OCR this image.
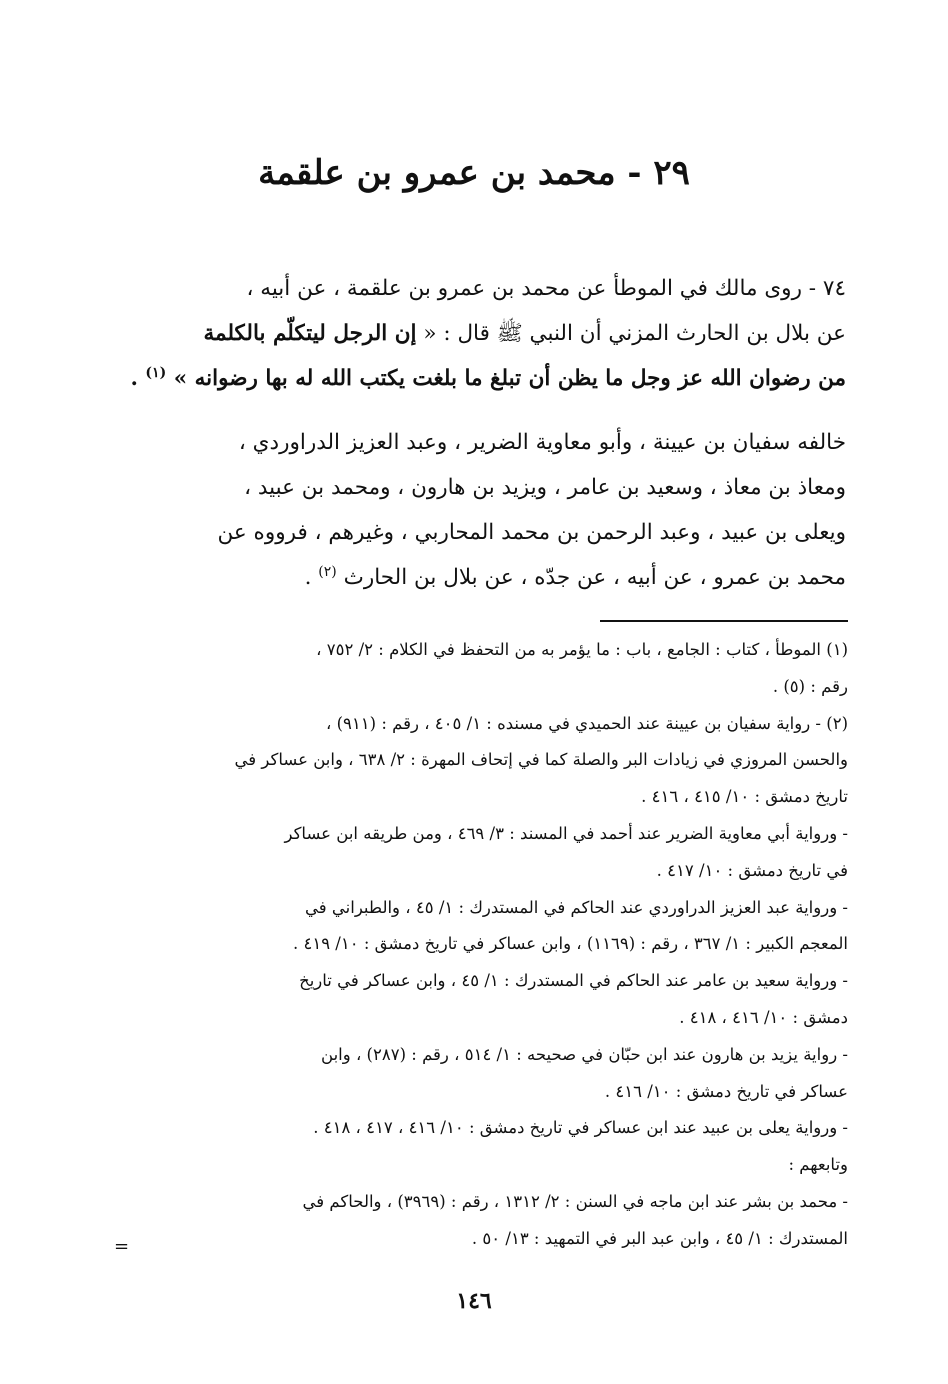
٢٩ - محمد بن عمرو بن علقمة
٧٤ - روى مالك في الموطأ عن محمد بن عمرو بن علقمة ، عن أبيه ،
عن بلال بن الحارث المزني أن النبي ﷺ قال : « إن الرجل ليتكلّم بالكلمة
من رضوان الله عز وجل ما يظن أن تبلغ ما بلغت يكتب الله له بها رضوانه » $^{(١)}$ .
خالفه سفيان بن عيينة ، وأبو معاوية الضرير ، وعبد العزيز الدراوردي ،
ومعاذ بن معاذ ، وسعيد بن عامر ، ويزيد بن هارون ، ومحمد بن عبيد ،
ويعلى بن عبيد ، وعبد الرحمن بن محمد المحاربي ، وغيرهم ، فرووه عن
محمد بن عمرو ، عن أبيه ، عن جدّه ، عن بلال بن الحارث $^{(٢)}$ .
(١) الموطأ ، كتاب : الجامع ، باب : ما يؤمر به من التحفظ في الكلام : ٢/ ٧٥٢ ،
رقم : (٥) .
(٢) - رواية سفيان بن عيينة عند الحميدي في مسنده : ١/ ٤٠٥ ، رقم : (٩١١) ،
والحسن المروزي في زيادات البر والصلة كما في إتحاف المهرة : ٢/ ٦٣٨ ، وابن عساكر في
تاريخ دمشق : ١٠/ ٤١٥ ، ٤١٦ .
- ورواية أبي معاوية الضرير عند أحمد في المسند : ٣/ ٤٦٩ ، ومن طريقه ابن عساكر
في تاريخ دمشق : ١٠/ ٤١٧ .
- ورواية عبد العزيز الدراوردي عند الحاكم في المستدرك : ١/ ٤٥ ، والطبراني في
المعجم الكبير : ١/ ٣٦٧ ، رقم : (١١٦٩) ، وابن عساكر في تاريخ دمشق : ١٠/ ٤١٩ .
- ورواية سعيد بن عامر عند الحاكم في المستدرك : ١/ ٤٥ ، وابن عساكر في تاريخ
دمشق : ١٠/ ٤١٦ ، ٤١٨ .
- رواية يزيد بن هارون عند ابن حبّان في صحيحه : ١/ ٥١٤ ، رقم : (٢٨٧) ، وابن
عساكر في تاريخ دمشق : ١٠/ ٤١٦ .
- ورواية يعلى بن عبيد عند ابن عساكر في تاريخ دمشق : ١٠/ ٤١٦ ، ٤١٧ ، ٤١٨ .
وتابعهم :
- محمد بن بشر عند ابن ماجه في السنن : ٢/ ١٣١٢ ، رقم : (٣٩٦٩) ، والحاكم في
المستدرك : ١/ ٤٥ ، وابن عبد البر في التمهيد : ١٣/ ٥٠ .
=
١٤٦
